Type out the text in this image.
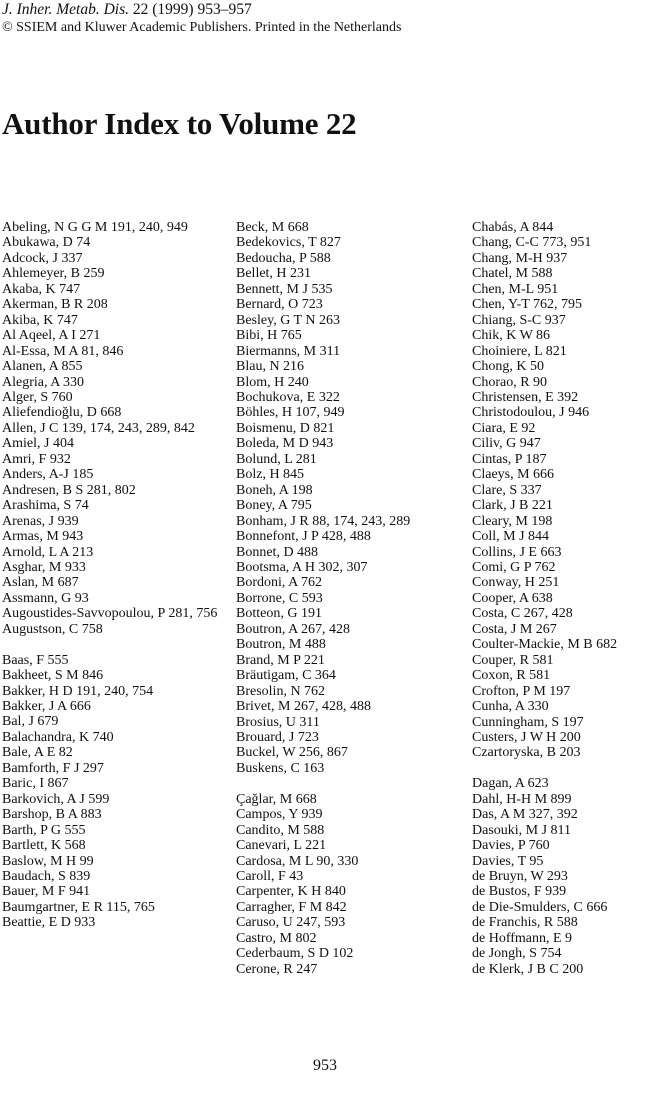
J. Inher. Metab. Dis. 22 (1999) 953–957
© SSIEM and Kluwer Academic Publishers. Printed in the Netherlands
Author Index to Volume 22
Abeling, N G G M 191, 240, 949
Abukawa, D 74
Adcock, J 337
Ahlemeyer, B 259
Akaba, K 747
Akerman, B R 208
Akiba, K 747
Al Aqeel, A I 271
Al-Essa, M A 81, 846
Alanen, A 855
Alegria, A 330
Alger, S 760
Aliefendioğlu, D 668
Allen, J C 139, 174, 243, 289, 842
Amiel, J 404
Amri, F 932
Anders, A-J 185
Andresen, B S 281, 802
Arashima, S 74
Arenas, J 939
Armas, M 943
Arnold, L A 213
Asghar, M 933
Aslan, M 687
Assmann, G 93
Augoustides-Savvopoulou, P 281, 756
Augustson, C 758
Baas, F 555
Bakheet, S M 846
Bakker, H D 191, 240, 754
Bakker, J A 666
Bal, J 679
Balachandra, K 740
Bale, A E 82
Bamforth, F J 297
Baric, I 867
Barkovich, A J 599
Barshop, B A 883
Barth, P G 555
Bartlett, K 568
Baslow, M H 99
Baudach, S 839
Bauer, M F 941
Baumgartner, E R 115, 765
Beattie, E D 933
Beck, M 668
Bedekovics, T 827
Bedoucha, P 588
Bellet, H 231
Bennett, M J 535
Bernard, O 723
Besley, G T N 263
Bibi, H 765
Biermanns, M 311
Blau, N 216
Blom, H 240
Bochukova, E 322
Böhles, H 107, 949
Boismenu, D 821
Boleda, M D 943
Bolund, L 281
Bolz, H 845
Boneh, A 198
Boney, A 795
Bonham, J R 88, 174, 243, 289
Bonnefont, J P 428, 488
Bonnet, D 488
Bootsma, A H 302, 307
Bordoni, A 762
Borrone, C 593
Botteon, G 191
Boutron, A 267, 428
Boutron, M 488
Brand, M P 221
Bräutigam, C 364
Bresolin, N 762
Brivet, M 267, 428, 488
Brosius, U 311
Brouard, J 723
Buckel, W 256, 867
Buskens, C 163
Çağlar, M 668
Campos, Y 939
Candito, M 588
Canevari, L 221
Cardosa, M L 90, 330
Caroll, F 43
Carpenter, K H 840
Carragher, F M 842
Caruso, U 247, 593
Castro, M 802
Cederbaum, S D 102
Cerone, R 247
Chabás, A 844
Chang, C-C 773, 951
Chang, M-H 937
Chatel, M 588
Chen, M-L 951
Chen, Y-T 762, 795
Chiang, S-C 937
Chik, K W 86
Choiniere, L 821
Chong, K 50
Chorao, R 90
Christensen, E 392
Christodoulou, J 946
Ciara, E 92
Ciliv, G 947
Cintas, P 187
Claeys, M 666
Clare, S 337
Clark, J B 221
Cleary, M 198
Coll, M J 844
Collins, J E 663
Comi, G P 762
Conway, H 251
Cooper, A 638
Costa, C 267, 428
Costa, J M 267
Coulter-Mackie, M B 682
Couper, R 581
Coxon, R 581
Crofton, P M 197
Cunha, A 330
Cunningham, S 197
Custers, J W H 200
Czartoryska, B 203
Dagan, A 623
Dahl, H-H M 899
Das, A M 327, 392
Dasouki, M J 811
Davies, P 760
Davies, T 95
de Bruyn, W 293
de Bustos, F 939
de Die-Smulders, C 666
de Franchis, R 588
de Hoffmann, E 9
de Jongh, S 754
de Klerk, J B C 200
953
